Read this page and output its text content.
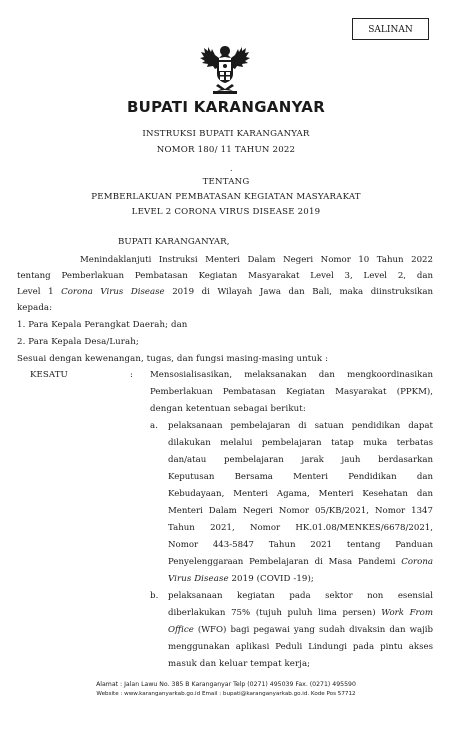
SALINAN
BUPATI KARANGANYAR
INSTRUKSI BUPATI KARANGANYAR
NOMOR 180/ 11 TAHUN 2022
.
TENTANG
PEMBERLAKUAN PEMBATASAN KEGIATAN MASYARAKAT
LEVEL 2 CORONA VIRUS DISEASE 2019
BUPATI KARANGANYAR,
Menindaklanjuti Instruksi Menteri Dalam Negeri Nomor 10 Tahun 2022
tentang Pemberlakuan Pembatasan Kegiatan Masyarakat Level 3, Level 2, dan
Level 1 Corona Virus Disease 2019 di Wilayah Jawa dan Bali, maka diinstruksikan
kepada:
1. Para Kepala Perangkat Daerah; dan
2. Para Kepala Desa/Lurah;
Sesuai dengan kewenangan, tugas, dan fungsi masing-masing untuk :
KESATU	: Mensosialisasikan, melaksanakan dan mengkoordinasikan
Pemberlakuan Pembatasan Kegiatan Masyarakat (PPKM),
dengan ketentuan sebagai berikut:
a. pelaksanaan pembelajaran di satuan pendidikan dapat
dilakukan melalui pembelajaran tatap muka terbatas
dan/atau pembelajaran jarak jauh berdasarkan
Keputusan Bersama Menteri Pendidikan dan
Kebudayaan, Menteri Agama, Menteri Kesehatan dan
Menteri Dalam Negeri Nomor 05/KB/2021, Nomor 1347
Tahun 2021, Nomor HK.01.08/MENKES/6678/2021,
Nomor 443-5847 Tahun 2021 tentang Panduan
Penyelenggaraan Pembelajaran di Masa Pandemi Corona
Virus Disease 2019 (COVID -19);
b. pelaksanaan kegiatan pada sektor non esensial
diberlakukan 75% (tujuh puluh lima persen) Work From
Office (WFO) bagi pegawai yang sudah divaksin dan wajib
menggunakan aplikasi Peduli Lindungi pada pintu akses
masuk dan keluar tempat kerja;
Alamat : Jalan Lawu No. 385 B Karanganyar Telp (0271) 495039 Fax. (0271) 495590
Website : www.karanganyarkab.go.id Email : bupati@karanganyarkab.go.id. Kode Pos 57712
